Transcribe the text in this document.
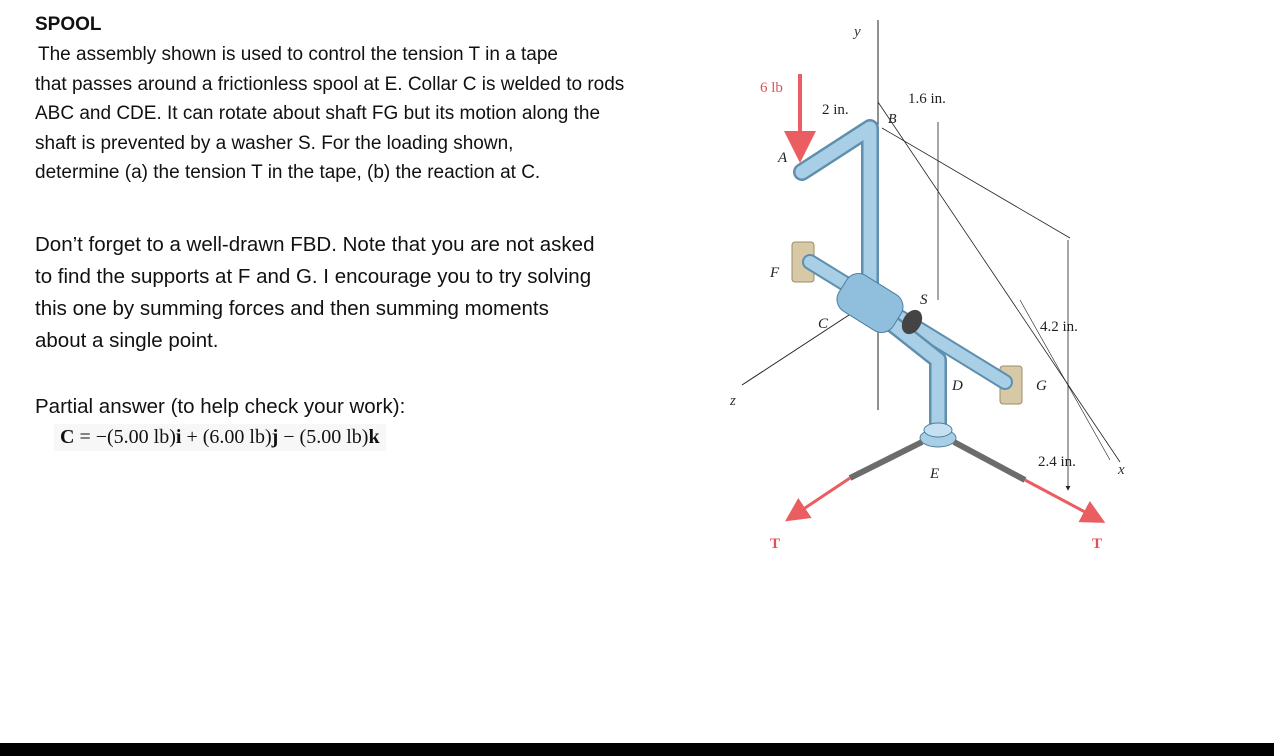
SPOOL

The assembly shown is used to control the tension T in a tape
that passes around a frictionless spool at E. Collar C is welded to rods
ABC and CDE. It can rotate about shaft FG but its motion along the
shaft is prevented by a washer S. For the loading shown,
determine (a) the tension T in the tape, (b) the reaction at C.

Don’t forget to a well-drawn FBD. Note that you are not asked
to find the supports at F and G. I encourage you to try solving
this one by summing forces and then summing moments
about a single point.

Partial answer (to help check your work):
C = −(5.00 lb)i + (6.00 lb)j − (5.00 lb)k
y
x
z
6 lb
2 in.
1.6 in.
4.2 in.
2.4 in.
A
B
C
D
E
F
G
S
T	T
